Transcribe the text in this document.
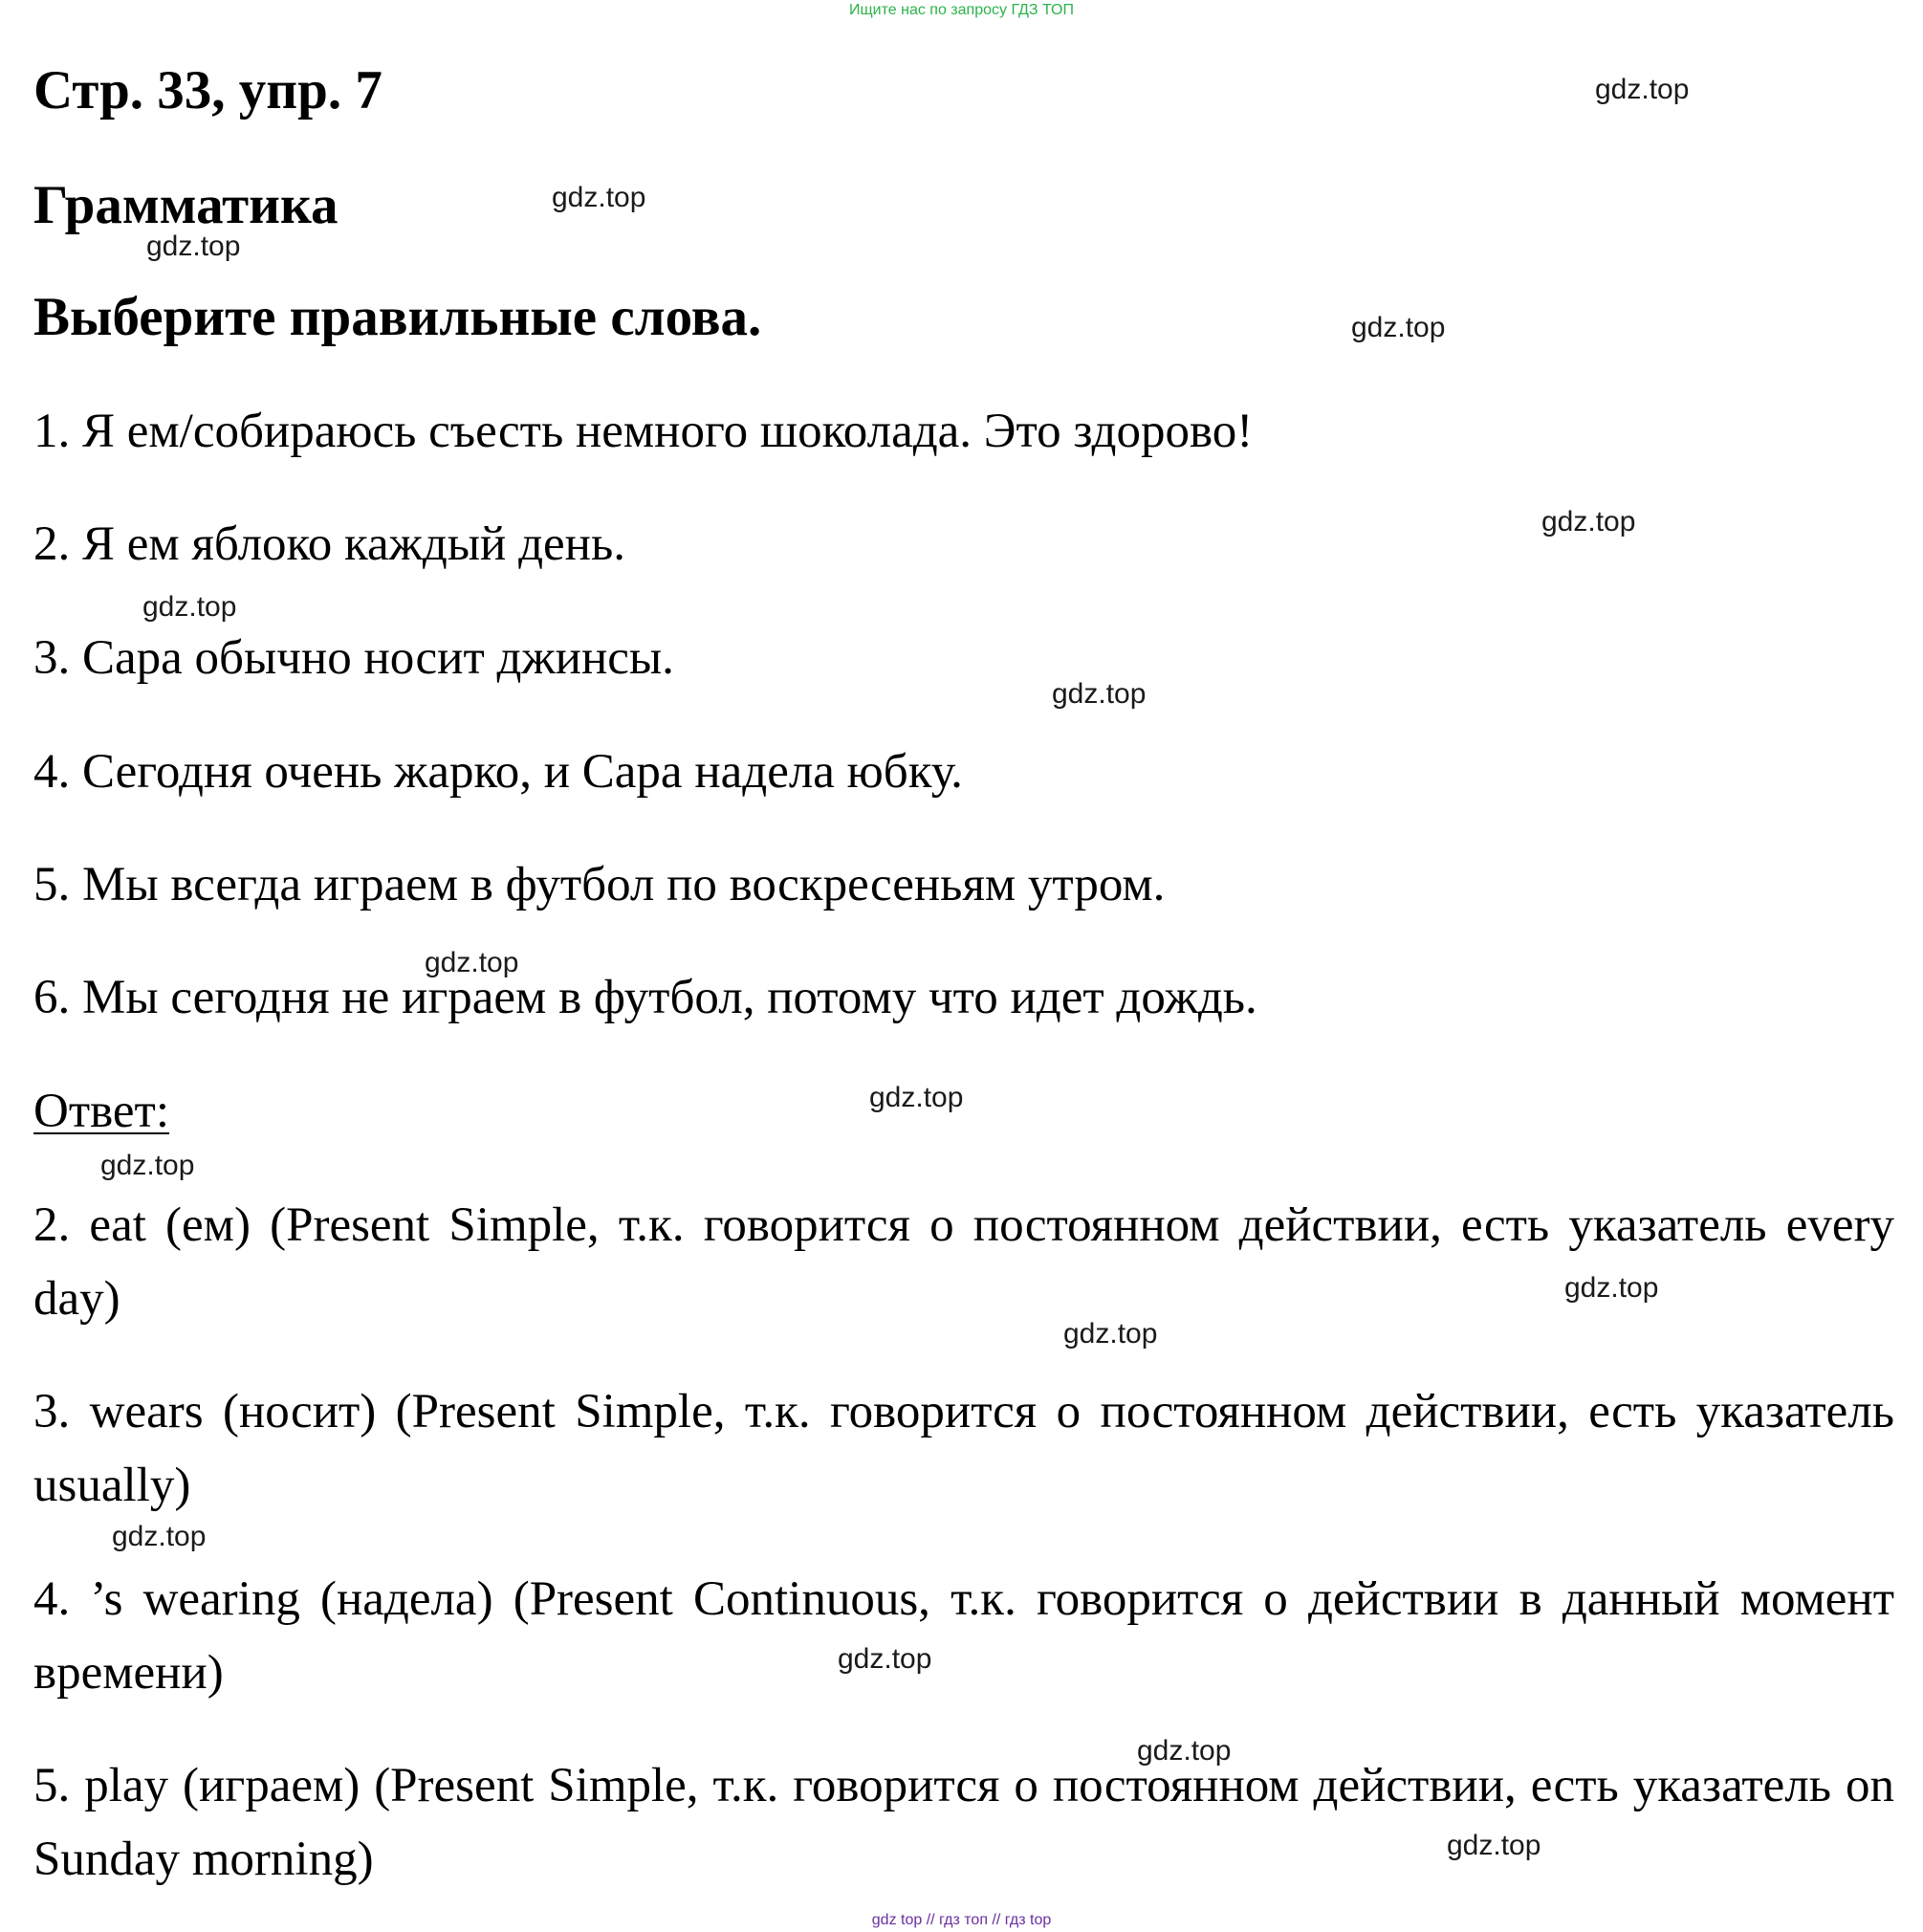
Ищите нас по запросу ГДЗ ТОП
Стр. 33, упр. 7
Грамматика
Выберите правильные слова.
1. Я ем/собираюсь съесть немного шоколада. Это здорово!
2. Я ем яблоко каждый день.
3. Сара обычно носит джинсы.
4. Сегодня очень жарко, и Сара надела юбку.
5. Мы всегда играем в футбол по воскресеньям утром.
6. Мы сегодня не играем в футбол, потому что идет дождь.
Ответ:
2. eat (ем) (Present Simple, т.к. говорится о постоянном действии, есть указатель every day)
3. wears (носит) (Present Simple, т.к. говорится о постоянном действии, есть указатель usually)
4. ’s wearing (надела) (Present Continuous, т.к. говорится о действии в данный момент времени)
5. play (играем) (Present Simple, т.к. говорится о постоянном действии, есть указатель on Sunday morning)
gdz.top
gdz.top
gdz.top
gdz.top
gdz.top
gdz.top
gdz.top
gdz.top
gdz.top
gdz.top
gdz.top
gdz.top
gdz.top
gdz.top
gdz.top
gdz.top
gdz top // гдз топ // гдз top
